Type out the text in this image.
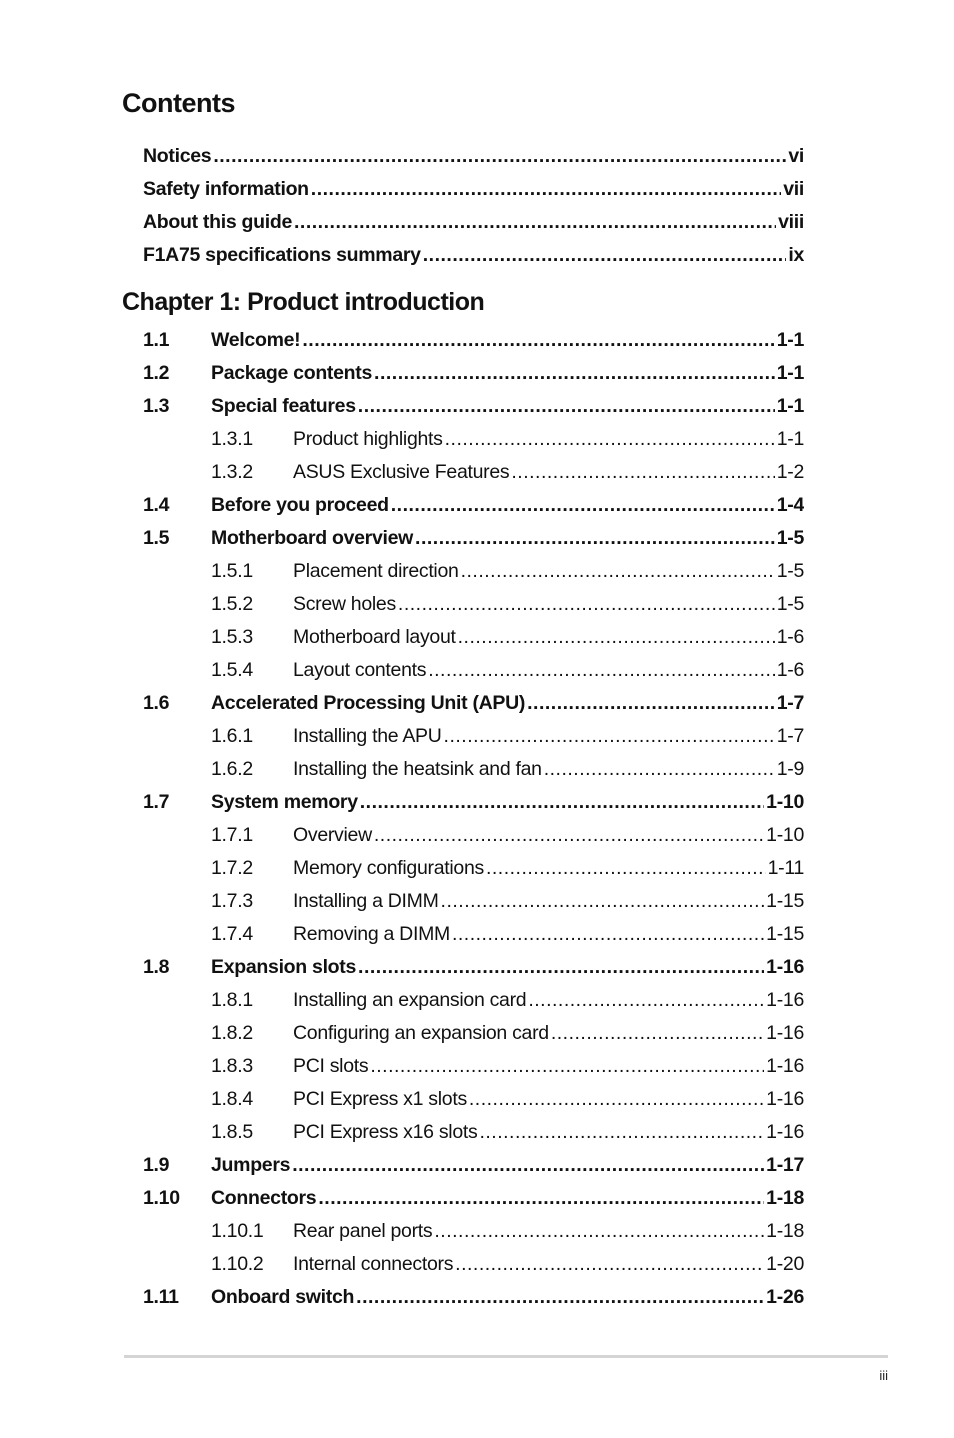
Contents
Notices .....	vi
Safety information .....	vii
About this guide .....	viii
F1A75 specifications summary .....	ix
Chapter 1: Product introduction
1.1 Welcome! .....	1-1
1.2 Package contents .....	1-1
1.3 Special features .....	1-1
1.3.1 Product highlights .....	1-1
1.3.2 ASUS Exclusive Features .....	1-2
1.4 Before you proceed .....	1-4
1.5 Motherboard overview .....	1-5
1.5.1 Placement direction .....	1-5
1.5.2 Screw holes .....	1-5
1.5.3 Motherboard layout .....	1-6
1.5.4 Layout contents .....	1-6
1.6 Accelerated Processing Unit (APU) .....	1-7
1.6.1 Installing the APU .....	1-7
1.6.2 Installing the heatsink and fan .....	1-9
1.7 System memory .....	1-10
1.7.1 Overview .....	1-10
1.7.2 Memory configurations .....	1-11
1.7.3 Installing a DIMM .....	1-15
1.7.4 Removing a DIMM .....	1-15
1.8 Expansion slots .....	1-16
1.8.1 Installing an expansion card .....	1-16
1.8.2 Configuring an expansion card .....	1-16
1.8.3 PCI slots .....	1-16
1.8.4 PCI Express x1 slots .....	1-16
1.8.5 PCI Express x16 slots .....	1-16
1.9 Jumpers .....	1-17
1.10 Connectors .....	1-18
1.10.1 Rear panel ports .....	1-18
1.10.2 Internal connectors .....	1-20
1.11 Onboard switch .....	1-26
iii
